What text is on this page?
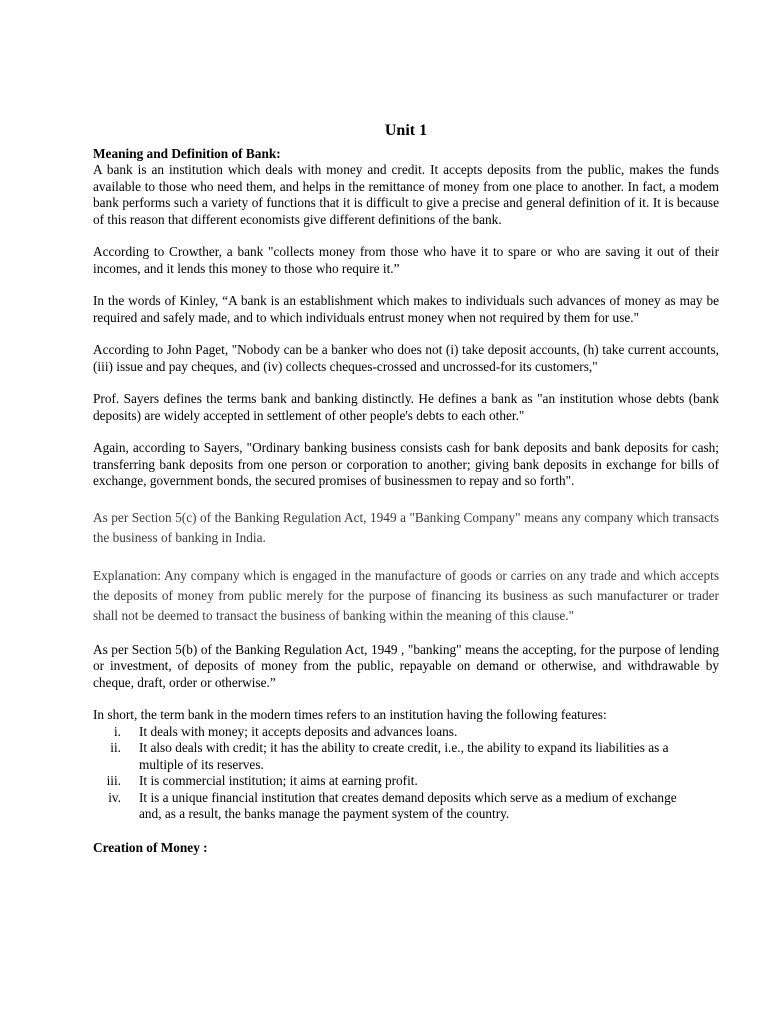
Unit 1

Meaning and Definition of Bank:

A bank is an institution which deals with money and credit. It accepts deposits from the public, makes the funds available to those who need them, and helps in the remittance of money from one place to another. In fact, a modem bank performs such a variety of functions that it is difficult to give a precise and general definition of it. It is because of this reason that different economists give different definitions of the bank.

According to Crowther, a bank "collects money from those who have it to spare or who are saving it out of their incomes, and it lends this money to those who require it.”

In the words of Kinley, “A bank is an establishment which makes to individuals such advances of money as may be required and safely made, and to which individuals entrust money when not required by them for use."

According to John Paget, "Nobody can be a banker who does not (i) take deposit accounts, (h) take current accounts, (iii) issue and pay cheques, and (iv) collects cheques-crossed and uncrossed-for its customers,"

Prof. Sayers defines the terms bank and banking distinctly. He defines a bank as "an institution whose debts (bank deposits) are widely accepted in settlement of other people's debts to each other."

Again, according to Sayers, "Ordinary banking business consists cash for bank deposits and bank deposits for cash; transferring bank deposits from one person or corporation to another; giving bank deposits in exchange for bills of exchange, government bonds, the secured promises of businessmen to repay and so forth".

As per Section 5(c) of the Banking Regulation Act, 1949 a "Banking Company" means any company which transacts the business of banking in India.

Explanation: Any company which is engaged in the manufacture of goods or carries on any trade and which accepts the deposits of money from public merely for the purpose of financing its business as such manufacturer or trader shall not be deemed to transact the business of banking within the meaning of this clause."

As per Section 5(b) of the Banking Regulation Act, 1949 , "banking" means the accepting, for the purpose of lending or investment, of deposits of money from the public, repayable on demand or otherwise, and withdrawable by cheque, draft, order or otherwise.”

In short, the term bank in the modern times refers to an institution having the following features:

i.	It deals with money; it accepts deposits and advances loans.
ii.	It also deals with credit; it has the ability to create credit, i.e., the ability to expand its liabilities as a multiple of its reserves.
iii.	It is commercial institution; it aims at earning profit.
iv.	It is a unique financial institution that creates demand deposits which serve as a medium of exchange and, as a result, the banks manage the payment system of the country.

Creation of Money :
